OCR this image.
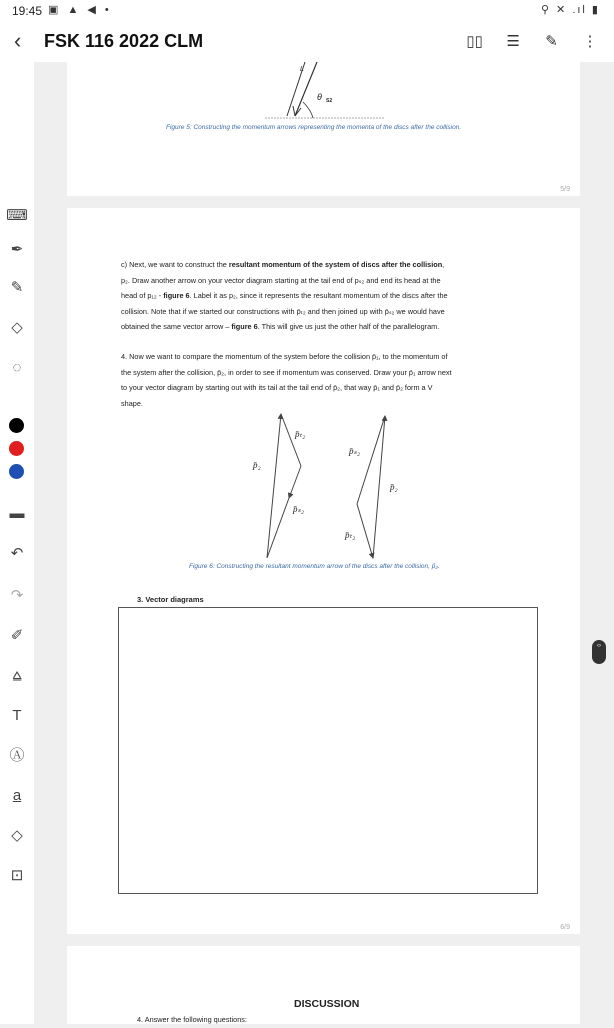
19:45 ▣ ▲ ◀ •	⚲ ✕ .ıl ▮
‹	FSK 116 2022 CLM	▯▯ ☰ ✎ ⋮
⌨
✒
✎
◇
◌
▬
↶
↷
✐
⩠
T
Ⓐ
a
◇
⊡
L
θ S2
Figure 5: Constructing the momentum arrows representing the momenta of the discs after the collision.
5/9
c) Next, we want to construct the resultant momentum of the system of discs after the collision,
p₂. Draw another arrow on your vector diagram starting at the tail end of pₛ₂ and end its head at the
head of p₁₂ - figure 6. Label it as p₂, since it represents the resultant momentum of the discs after the
collision. Note that if we started our constructions with p̄ₜ₂ and then joined up with p̄ₛ₂ we would have
obtained the same vector arrow – figure 6. This will give us just the other half of the parallelogram.
4. Now we want to compare the momentum of the system before the collision p̄₁, to the momentum of
the system after the collision, p̄₂, in order to see if momentum was conserved. Draw your p̄₁ arrow next
to your vector diagram by starting out with its tail at the tail end of p̄₂, that way p̄₁ and p̄₂ form a V
shape.
p̄ₜ₂
p̄₂
p̄ₛ₂
p̄ₛ₂
p̄₂
p̄ₜ₂
Figure 6: Constructing the resultant momentum arrow of the discs after the collision, p̄₂.
3. Vector diagrams
6/9
DISCUSSION
4. Answer the following questions:
‹›
